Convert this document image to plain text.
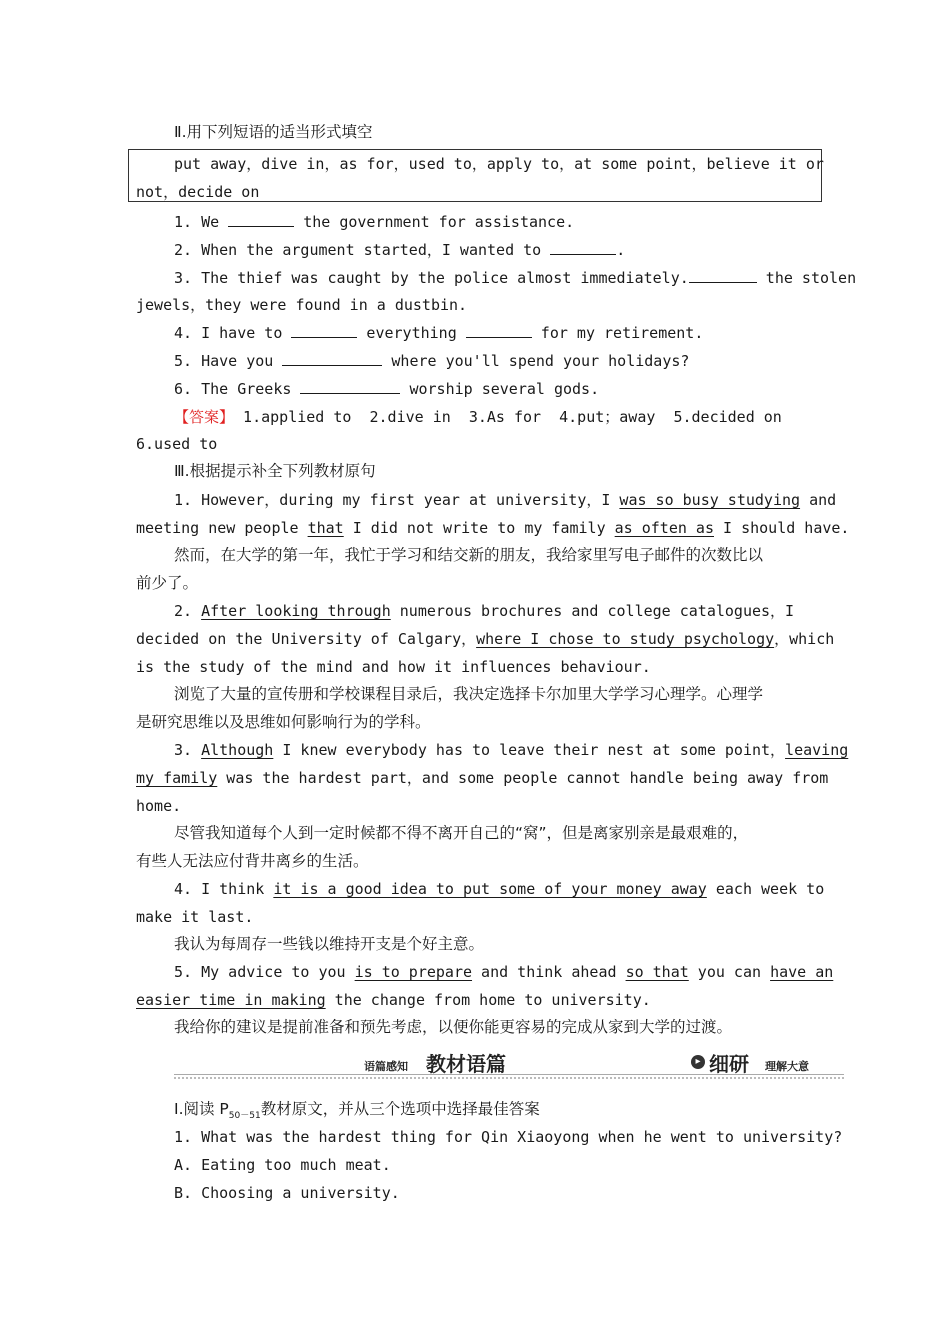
Ⅱ.用下列短语的适当形式填空
put away，dive in，as for，used to，apply to，at some point，believe it or
not，decide on
1. We	the government for assistance.
2. When the argument started，I wanted to	.
3. The thief was caught by the police almost immediately.	the stolen
jewels，they were found in a dustbin.
4. I have to	everything	for my retirement.
5. Have you	where you'll spend your holidays?
6. The Greeks	worship several gods.
【答案】 1.applied to  2.dive in  3.As for  4.put；away  5.decided on
6.used to
Ⅲ.根据提示补全下列教材原句
1. However，during my first year at university，I was so busy studying and
meeting new people that I did not write to my family as often as I should have.
然而，在大学的第一年，我忙于学习和结交新的朋友，我给家里写电子邮件的次数比以
前少了。
2. After looking through numerous brochures and college catalogues，I
decided on the University of Calgary，where I chose to study psychology，which
is the study of the mind and how it influences behaviour.
浏览了大量的宣传册和学校课程目录后，我决定选择卡尔加里大学学习心理学。心理学
是研究思维以及思维如何影响行为的学科。
3. Although I knew everybody has to leave their nest at some point，leaving
my family was the hardest part，and some people cannot handle being away from
home.
尽管我知道每个人到一定时候都不得不离开自己的“窝”，但是离家别亲是最艰难的，
有些人无法应付背井离乡的生活。
4. I think it is a good idea to put some of your money away each week to
make it last.
我认为每周存一些钱以维持开支是个好主意。
5. My advice to you is to prepare and think ahead so that you can have an
easier time in making the change from home to university.
我给你的建议是提前准备和预先考虑，以便你能更容易的完成从家到大学的过渡。
语篇感知 教材语篇	▸ 细研 理解大意
Ⅰ.阅读 $P_{50-51}$教材原文，并从三个选项中选择最佳答案
1. What was the hardest thing for Qin Xiaoyong when he went to university?
A. Eating too much meat.
B. Choosing a university.
